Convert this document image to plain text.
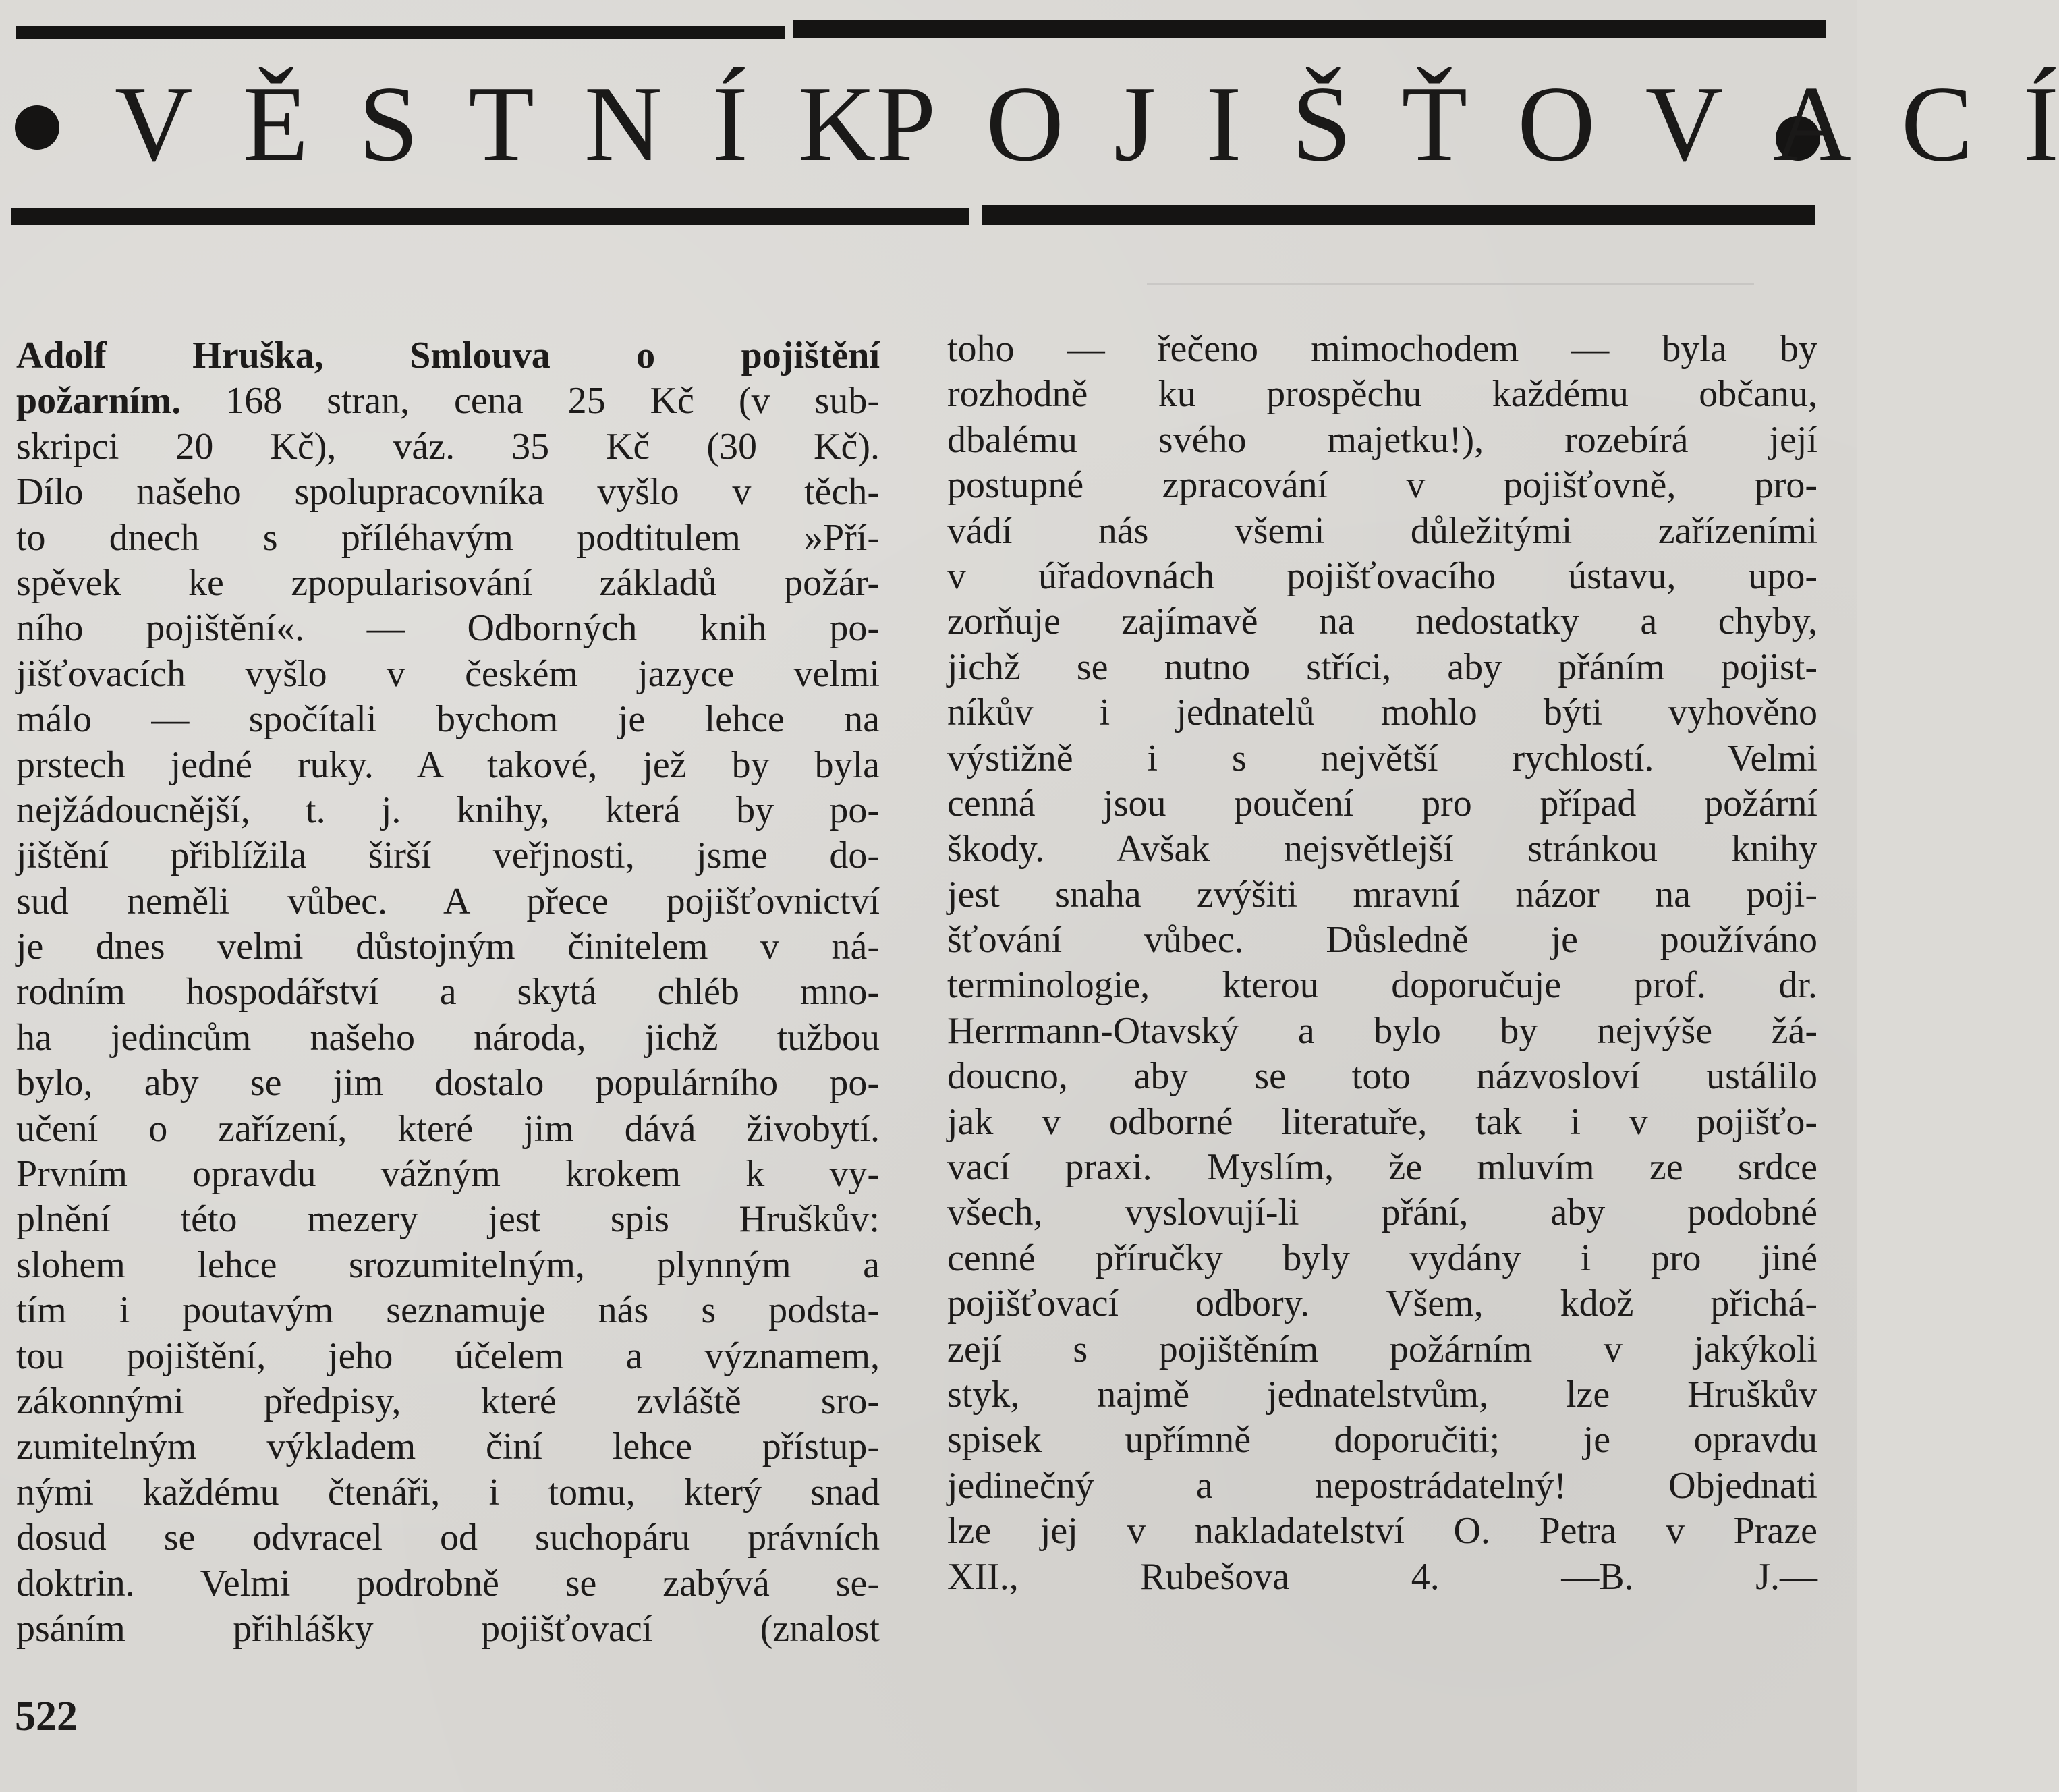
V Ě S T N Í K P O J I Š Ť O V A C Í
Adolf Hruška, Smlouva o pojištění
požarním. 168 stran, cena 25 Kč (v sub-
skripci 20 Kč), váz. 35 Kč (30 Kč).
Dílo našeho spolupracovníka vyšlo v těch-
to dnech s příléhavým podtitulem »Pří-
spěvek ke zpopularisování základů požár-
ního pojištění«. — Odborných knih po-
jišťovacích vyšlo v českém jazyce velmi
málo — spočítali bychom je lehce na
prstech jedné ruky. A takové, jež by byla
nejžádoucnější, t. j. knihy, která by po-
jištění přiblížila širší veřjnosti, jsme do-
sud neměli vůbec. A přece pojišťovnictví
je dnes velmi důstojným činitelem v ná-
rodním hospodářství a skytá chléb mno-
ha jedincům našeho národa, jichž tužbou
bylo, aby se jim dostalo populárního po-
učení o zařízení, které jim dává živobytí.
Prvním opravdu vážným krokem k vy-
plnění této mezery jest spis Hruškův:
slohem lehce srozumitelným, plynným a
tím i poutavým seznamuje nás s podsta-
tou pojištění, jeho účelem a významem,
zákonnými předpisy, které zvláště sro-
zumitelným výkladem činí lehce přístup-
nými každému čtenáři, i tomu, který snad
dosud se odvracel od suchopáru právních
doktrin. Velmi podrobně se zabývá se-
psáním přihlášky pojišťovací (znalost
toho — řečeno mimochodem — byla by
rozhodně ku prospěchu každému občanu,
dbalému svého majetku!), rozebírá její
postupné zpracování v pojišťovně, pro-
vádí nás všemi důležitými zařízeními
v úřadovnách pojišťovacího ústavu, upo-
zorňuje zajímavě na nedostatky a chyby,
jichž se nutno stříci, aby přáním pojist-
níkův i jednatelů mohlo býti vyhověno
výstižně i s největší rychlostí. Velmi
cenná jsou poučení pro případ požární
škody. Avšak nejsvětlejší stránkou knihy
jest snaha zvýšiti mravní názor na poji-
šťování vůbec. Důsledně je používáno
terminologie, kterou doporučuje prof. dr.
Herrmann-Otavský a bylo by nejvýše žá-
doucno, aby se toto názvosloví ustálilo
jak v odborné literatuře, tak i v pojišťo-
vací praxi. Myslím, že mluvím ze srdce
všech, vyslovují-li přání, aby podobné
cenné příručky byly vydány i pro jiné
pojišťovací odbory. Všem, kdož přichá-
zejí s pojištěním požárním v jakýkoli
styk, najmě jednatelstvům, lze Hruškův
spisek upřímně doporučiti; je opravdu
jedinečný a nepostrádatelný! Objednati
lze jej v nakladatelství O. Petra v Praze
XII., Rubešova 4. —B. J.—
522
